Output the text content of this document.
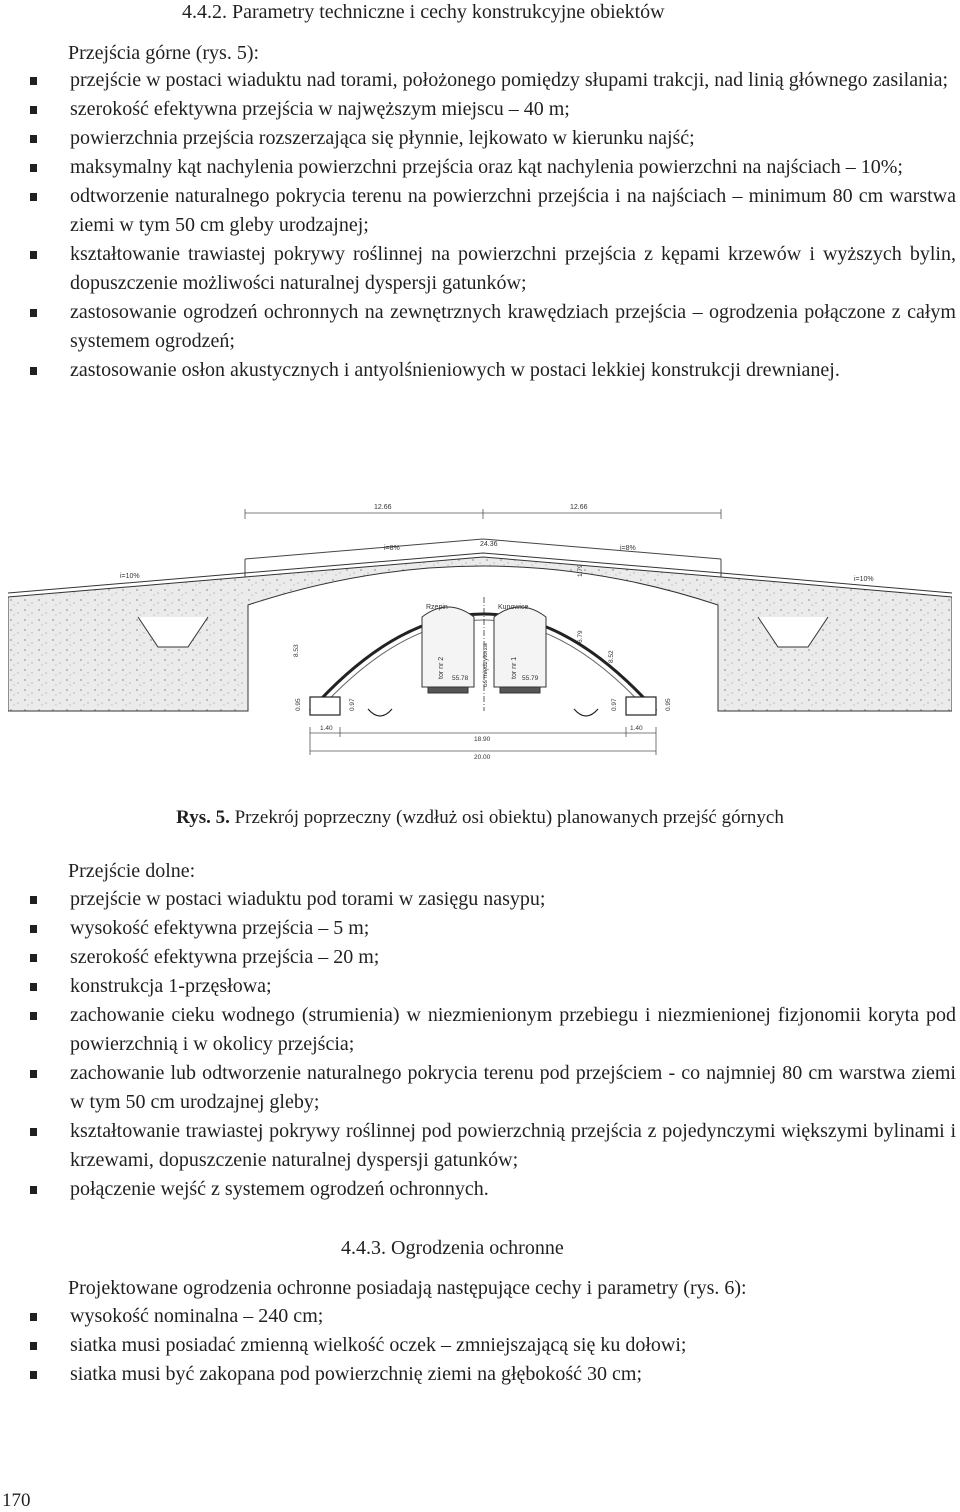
4.4.2. Parametry techniczne i cechy konstrukcyjne obiektów
Przejścia górne (rys. 5):
przejście w postaci wiaduktu nad torami, położonego pomiędzy słupami trakcji, nad linią głównego zasilania;
szerokość efektywna przejścia w najwęższym miejscu – 40 m;
powierzchnia przejścia rozszerzająca się płynnie, lejkowato w kierunku najść;
maksymalny kąt nachylenia powierzchni przejścia oraz kąt nachylenia powierzchni na najściach – 10%;
odtworzenie naturalnego pokrycia terenu na powierzchni przejścia i na najściach – minimum 80 cm warstwa ziemi w tym 50 cm gleby urodzajnej;
kształtowanie trawiastej pokrywy roślinnej na powierzchni przejścia z kępami krzewów i wyższych bylin, dopuszczenie możliwości naturalnej dyspersji gatunków;
zastosowanie ogrodzeń ochronnych na zewnętrznych krawędziach przejścia – ogrodzenia połączone z całym systemem ogrodzeń;
zastosowanie osłon akustycznych i antyolśnieniowych w postaci lekkiej konstrukcji drewnianej.
12.66	12.66
i=8%	i=8%
24.36
i=10%	i=10%
Rzepin	Kunowice
tor nr 2	tor nr 1
oś międzytorza
55.78	55.79
8.53
6.79
8.52
1.79
0.95	0.95
0.97	0.97
1.40
18.90
1.40
20.00
Rys. 5. Przekrój poprzeczny (wzdłuż osi obiektu) planowanych przejść górnych
Przejście dolne:
przejście w postaci wiaduktu pod torami w zasięgu nasypu;
wysokość efektywna przejścia – 5 m;
szerokość efektywna przejścia – 20 m;
konstrukcja 1-przęsłowa;
zachowanie cieku wodnego (strumienia) w niezmienionym przebiegu i niezmienionej fizjonomii koryta pod powierzchnią i w okolicy przejścia;
zachowanie lub odtworzenie naturalnego pokrycia terenu pod przejściem - co najmniej 80 cm warstwa ziemi w tym 50 cm urodzajnej gleby;
kształtowanie trawiastej pokrywy roślinnej pod powierzchnią przejścia z pojedynczymi większymi bylinami i krzewami, dopuszczenie naturalnej dyspersji gatunków;
połączenie wejść z systemem ogrodzeń ochronnych.
4.4.3. Ogrodzenia ochronne
Projektowane ogrodzenia ochronne posiadają następujące cechy i parametry (rys. 6):
wysokość nominalna – 240 cm;
siatka musi posiadać zmienną wielkość oczek – zmniejszającą się ku dołowi;
siatka musi być zakopana pod powierzchnię ziemi na głębokość 30 cm;
170
